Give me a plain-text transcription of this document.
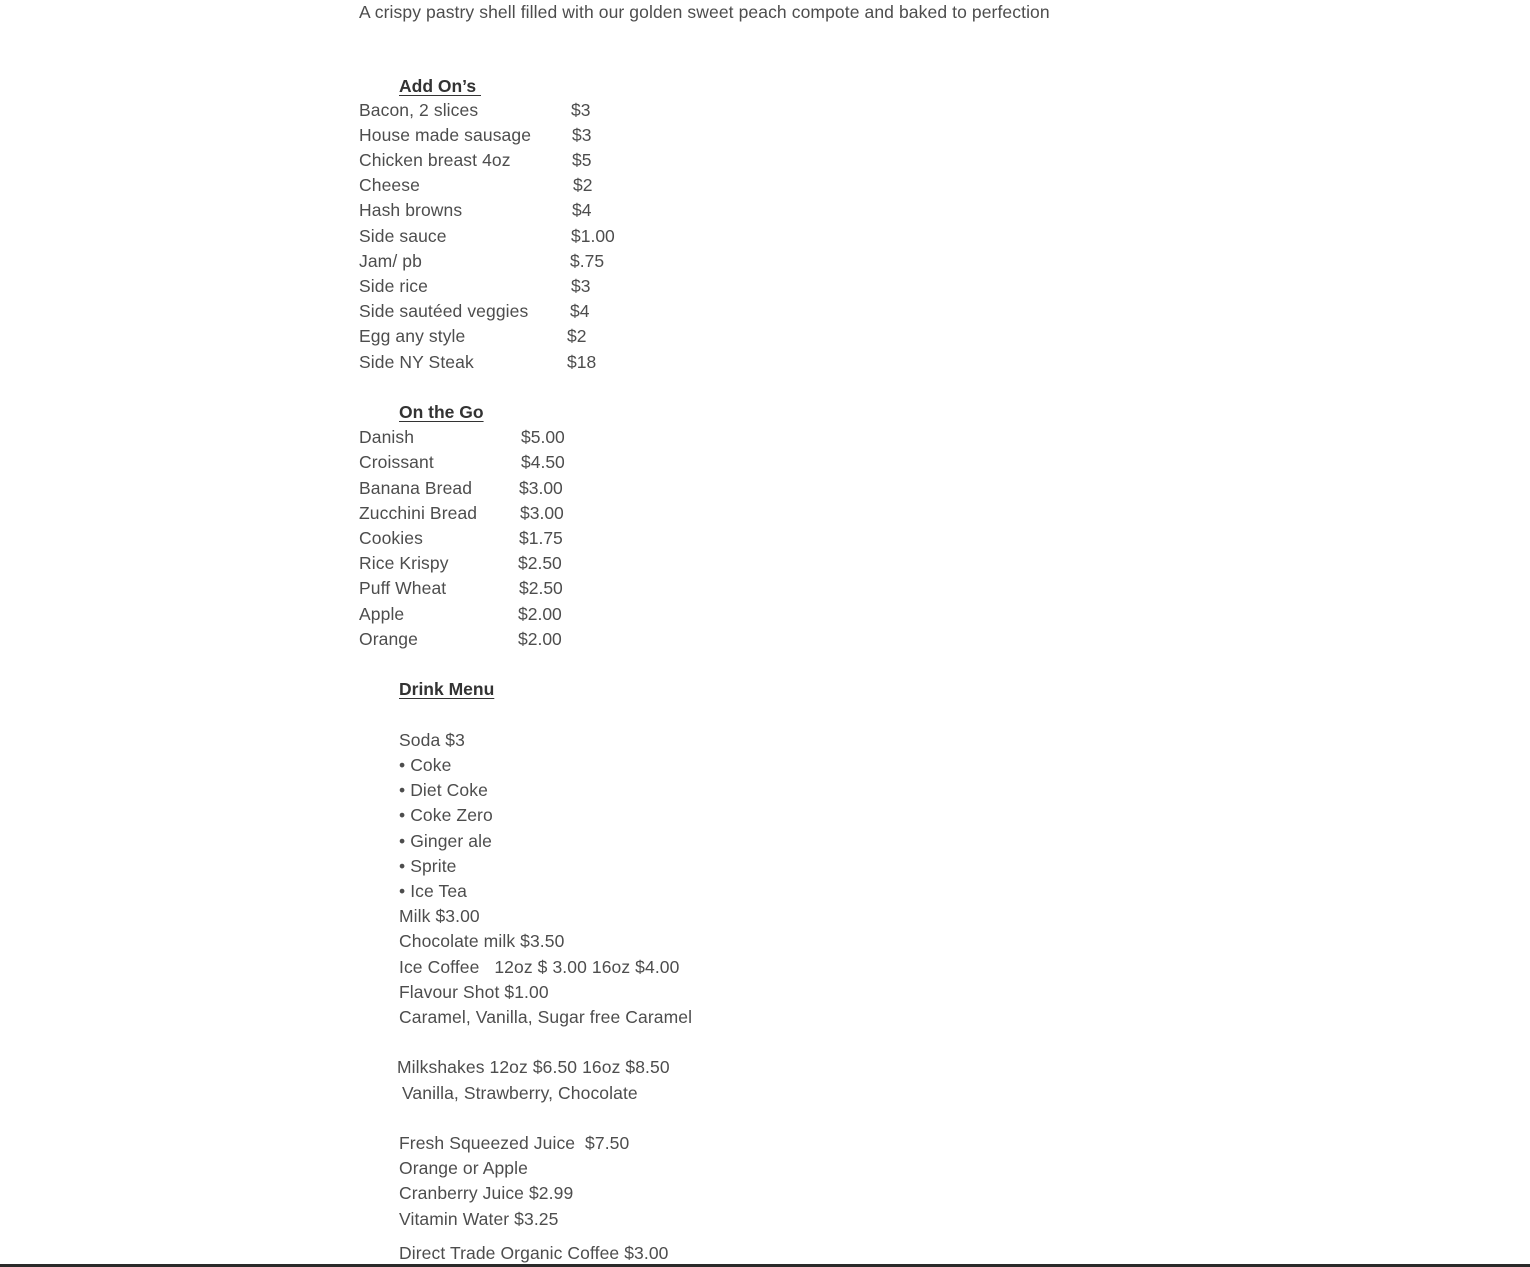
A crispy pastry shell filled with our golden sweet peach compote and baked to perfection
Add On’s
Bacon, 2 slices	$3
House made sausage $3
Chicken breast 4oz	$5
Cheese	$2
Hash browns	$4
Side sauce	$1.00
Jam/ pb	$.75
Side rice	$3
Side sautéed veggies $4
Egg any style	$2
Side NY Steak	$18
On the Go
Danish	$5.00
Croissant	$4.50
Banana Bread	$3.00
Zucchini Bread $3.00
Cookies	$1.75
Rice Krispy	$2.50
Puff Wheat	$2.50
Apple	$2.00
Orange	$2.00
Drink Menu
Soda $3
• Coke
• Diet Coke
• Coke Zero
• Ginger ale
• Sprite
• Ice Tea
Milk $3.00
Chocolate milk $3.50
Ice Coffee   12oz $ 3.00 16oz $4.00
Flavour Shot $1.00
Caramel, Vanilla, Sugar free Caramel
Milkshakes 12oz $6.50 16oz $8.50
Vanilla, Strawberry, Chocolate
Fresh Squeezed Juice  $7.50
Orange or Apple
Cranberry Juice $2.99
Vitamin Water $3.25
Direct Trade Organic Coffee $3.00
